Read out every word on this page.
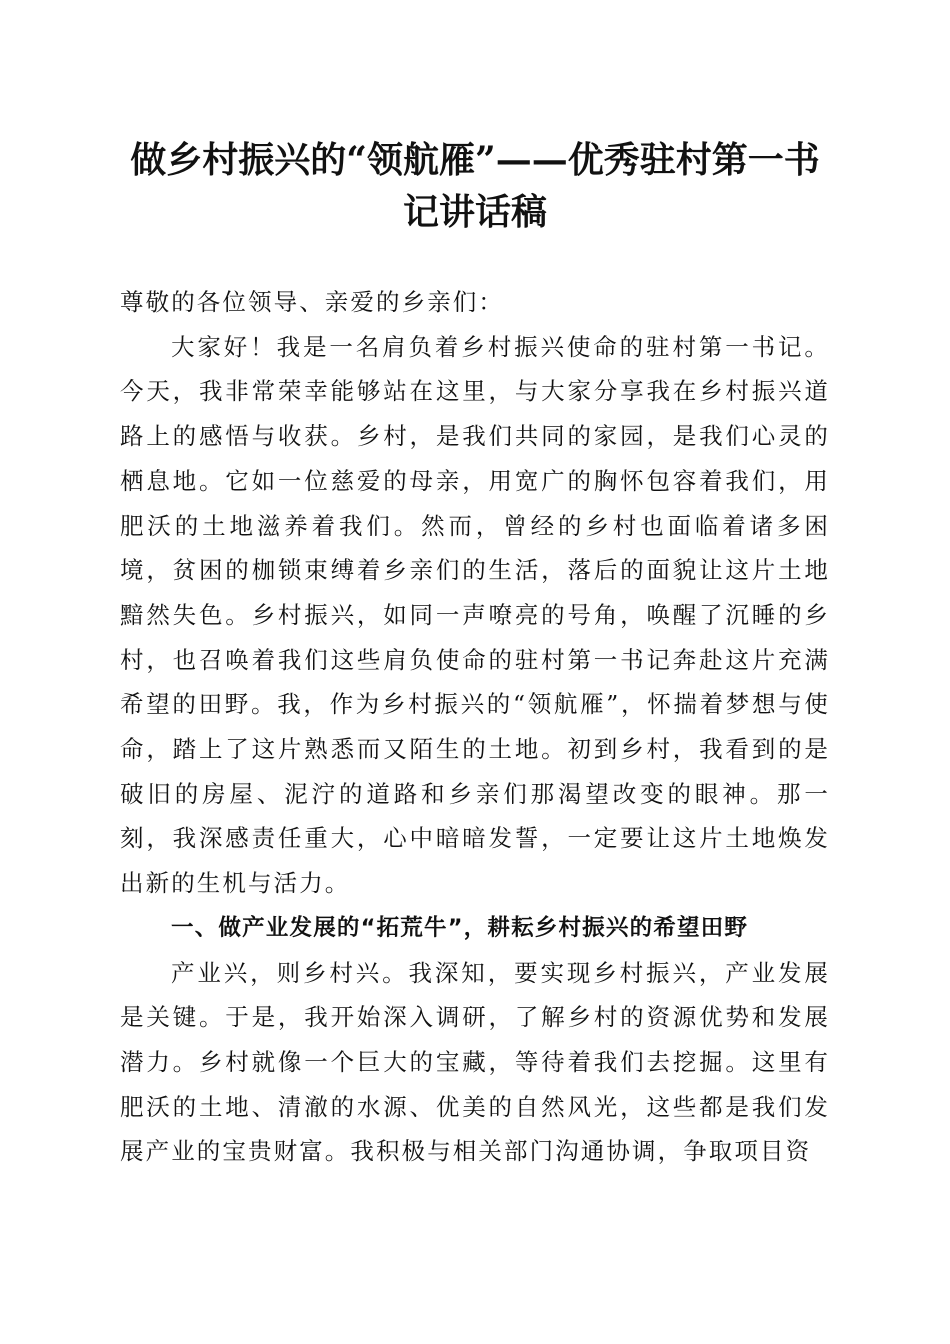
做乡村振兴的“领航雁”——优秀驻村第一书
记讲话稿

尊敬的各位领导、亲爱的乡亲们：

大家好！我是一名肩负着乡村振兴使命的驻村第一书记。今天，我非常荣幸能够站在这里，与大家分享我在乡村振兴道路上的感悟与收获。乡村，是我们共同的家园，是我们心灵的栖息地。它如一位慈爱的母亲，用宽广的胸怀包容着我们，用肥沃的土地滋养着我们。然而，曾经的乡村也面临着诸多困境，贫困的枷锁束缚着乡亲们的生活，落后的面貌让这片土地黯然失色。乡村振兴，如同一声嘹亮的号角，唤醒了沉睡的乡村，也召唤着我们这些肩负使命的驻村第一书记奔赴这片充满希望的田野。我，作为乡村振兴的“领航雁”，怀揣着梦想与使命，踏上了这片熟悉而又陌生的土地。初到乡村，我看到的是破旧的房屋、泥泞的道路和乡亲们那渴望改变的眼神。那一刻，我深感责任重大，心中暗暗发誓，一定要让这片土地焕发出新的生机与活力。

一、做产业发展的“拓荒牛”，耕耘乡村振兴的希望田野

产业兴，则乡村兴。我深知，要实现乡村振兴，产业发展是关键。于是，我开始深入调研，了解乡村的资源优势和发展潜力。乡村就像一个巨大的宝藏，等待着我们去挖掘。这里有肥沃的土地、清澈的水源、优美的自然风光，这些都是我们发展产业的宝贵财富。我积极与相关部门沟通协调，争取项目资
